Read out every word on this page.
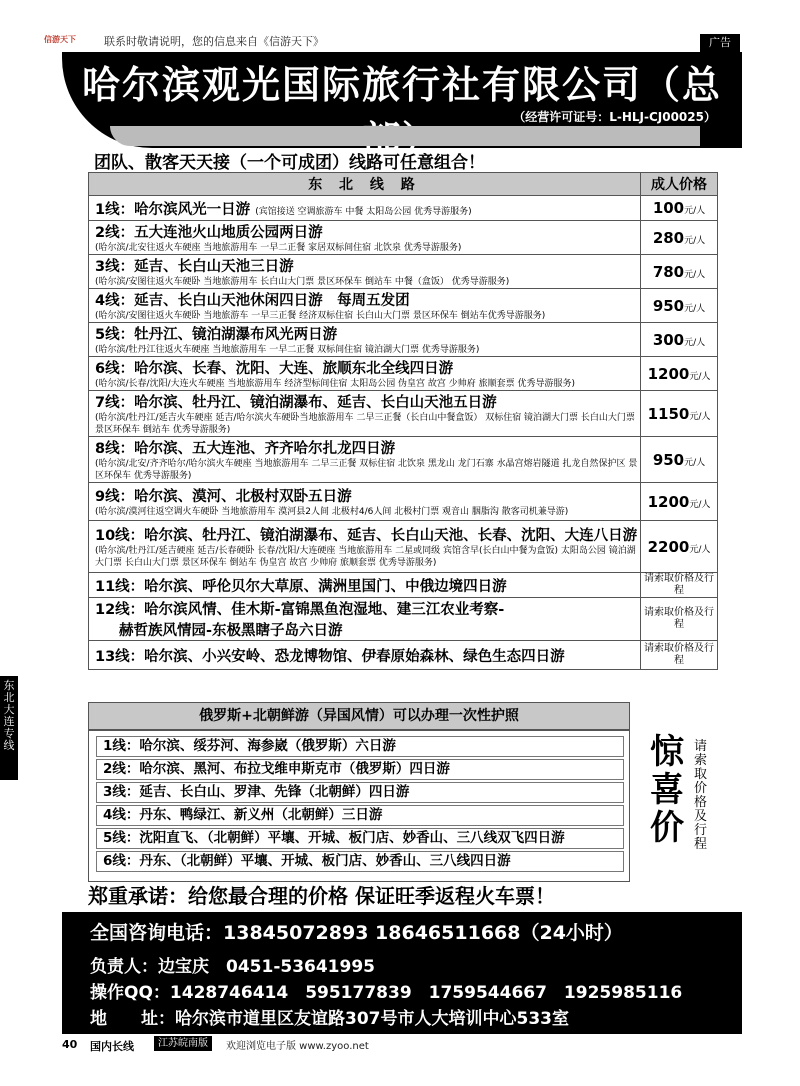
信游天下	联系时敬请说明，您的信息来自《信游天下》	广告
哈尔滨观光国际旅行社有限公司（总
（经营许可证号：L-HLJ-CJ00025）
团队、散客天天接（一个可成团）线路可任意组合！
东 北 线 路	成人价格
1线：哈尔滨风光一日游 (宾馆接送 空调旅游车 中餐 太阳岛公园 优秀导游服务)	100元/人
2线：五大连池火山地质公园两日游
(哈尔滨/北安往返火车硬座 当地旅游用车 一早二正餐 家居双标间住宿 北饮泉 优秀导游服务)	280元/人
3线：延吉、长白山天池三日游
(哈尔滨/安图往返火车硬卧 当地旅游用车 长白山大门票 景区环保车 倒站车 中餐（盒饭） 优秀导游服务)	780元/人
4线：延吉、长白山天池休闲四日游　每周五发团
(哈尔滨/安图往返火车硬卧 当地旅游车 一早三正餐 经济双标住宿 长白山大门票 景区环保车 倒站车优秀导游服务)	950元/人
5线：牡丹江、镜泊湖瀑布风光两日游
(哈尔滨/牡丹江往返火车硬座 当地旅游用车 一早二正餐 双标间住宿 镜泊湖大门票 优秀导游服务)	300元/人
6线：哈尔滨、长春、沈阳、大连、旅顺东北全线四日游
(哈尔滨/长春/沈阳/大连火车硬座 当地旅游用车 经济型标间住宿 太阳岛公园 伪皇宫 故宫 少帅府 旅顺套票 优秀导游服务)	1200元/人
7线：哈尔滨、牡丹江、镜泊湖瀑布、延吉、长白山天池五日游
(哈尔滨/牡丹江/延吉火车硬座 延吉/哈尔滨火车硬卧当地旅游用车 二早三正餐（长白山中餐盒饭） 双标住宿 镜泊湖大门票 长白山大门票 景区环保车 倒站车 优秀导游服务)	1150元/人
8线：哈尔滨、五大连池、齐齐哈尔扎龙四日游
(哈尔滨/北安/齐齐哈尔/哈尔滨火车硬座 当地旅游用车 二早三正餐 双标住宿 北饮泉 黑龙山 龙门石寨 水晶宫熔岩隧道 扎龙自然保护区 景区环保车 优秀导游服务)	950元/人
9线：哈尔滨、漠河、北极村双卧五日游
(哈尔滨/漠河往返空调火车硬卧 当地旅游用车 漠河县2人间 北极村4/6人间 北极村门票 观音山 胭脂沟 散客司机兼导游)	1200元/人
10线：哈尔滨、牡丹江、镜泊湖瀑布、延吉、长白山天池、长春、沈阳、大连八日游
(哈尔滨/牡丹江/延吉硬座 延吉/长春硬卧 长春/沈阳/大连硬座 当地旅游用车 二星或同级 宾馆含早(长白山中餐为盒饭) 太阳岛公园 镜泊湖大门票 长白山大门票 景区环保车 倒站车 伪皇宫 故宫 少帅府 旅顺套票 优秀导游服务)	2200元/人
11线：哈尔滨、呼伦贝尔大草原、满洲里国门、中俄边境四日游	请索取价格及行程
12线：哈尔滨风情、佳木斯-富锦黑鱼泡湿地、建三江农业考察-
赫哲族风情园-东极黑瞎子岛六日游	请索取价格及行程
13线：哈尔滨、小兴安岭、恐龙博物馆、伊春原始森林、绿色生态四日游	请索取价格及行程
俄罗斯+北朝鲜游（异国风情）可以办理一次性护照
1线：哈尔滨、绥芬河、海参崴（俄罗斯）六日游
2线：哈尔滨、黑河、布拉戈维申斯克市（俄罗斯）四日游
3线：延吉、长白山、罗津、先锋（北朝鲜）四日游
4线：丹东、鸭绿江、新义州（北朝鲜）三日游
5线：沈阳直飞、（北朝鲜）平壤、开城、板门店、妙香山、三八线双飞四日游
6线：丹东、（北朝鲜）平壤、开城、板门店、妙香山、三八线四日游
惊喜价
请索取价格及行程
郑重承诺：给您最合理的价格 保证旺季返程火车票！
全国咨询电话：13845072893 18646511668（24小时）
负责人：边宝庆　0451-53641995
操作QQ：1428746414　595177839　1759544667　1925985116
地　　址：哈尔滨市道里区友谊路307号市人大培训中心533室
东北大连专线
40 国内长线	江苏皖南版	欢迎浏览电子版 www.zyoo.net
